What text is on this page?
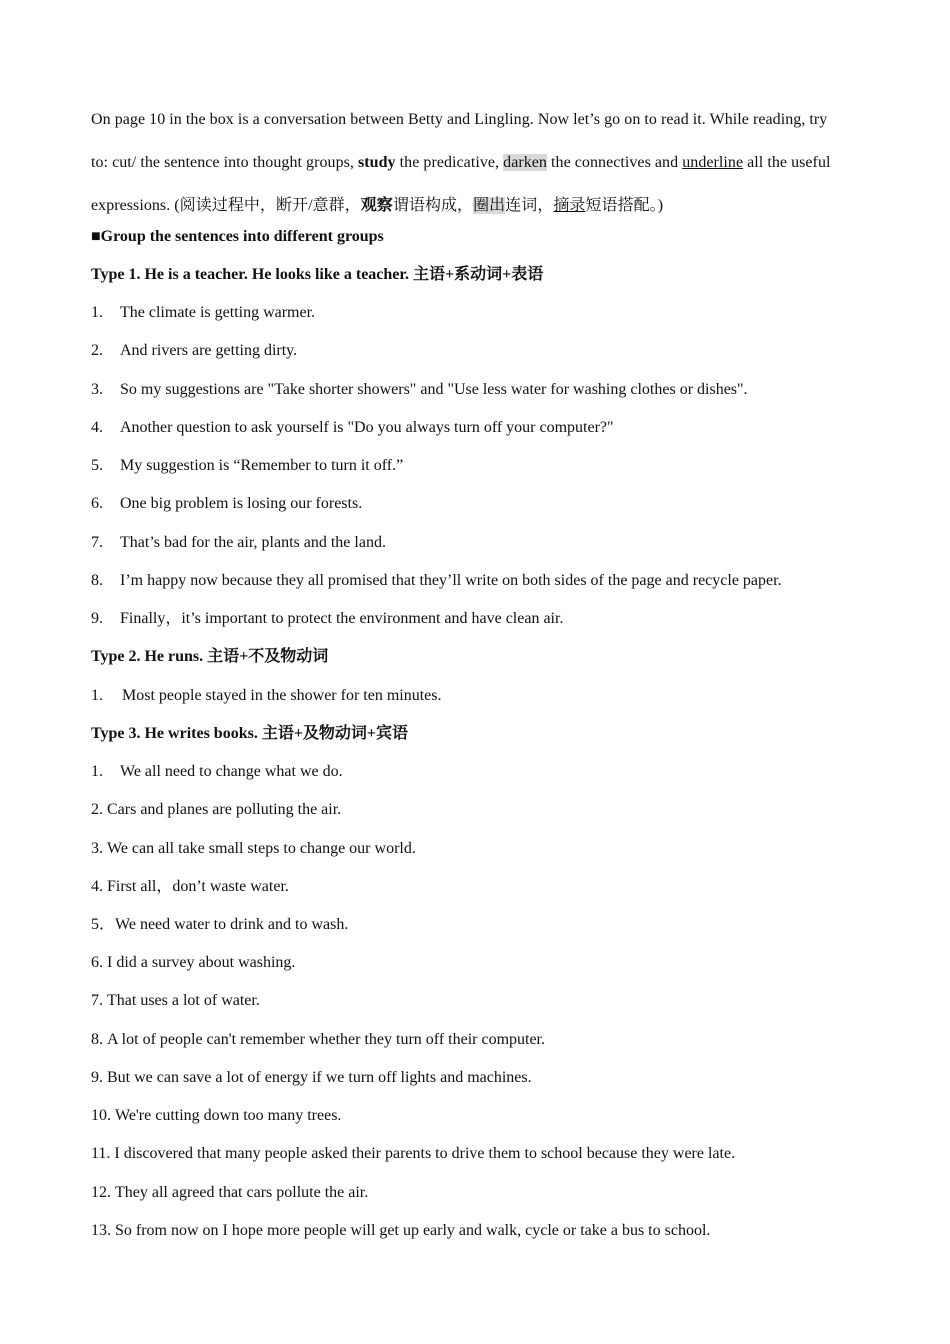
On page 10 in the box is a conversation between Betty and Lingling. Now let’s go on to read it. While reading, try
to: cut/ the sentence into thought groups, study the predicative, darken the connectives and underline all the useful
expressions. (阅读过程中，断开/意群，观察谓语构成，圈出连词，摘录短语搭配。)
■Group the sentences into different groups
Type 1. He is a teacher. He looks like a teacher. 主语+系动词+表语
1. The climate is getting warmer.
2. And rivers are getting dirty.
3. So my suggestions are "Take shorter showers" and "Use less water for washing clothes or dishes".
4. Another question to ask yourself is "Do you always turn off your computer?"
5. My suggestion is “Remember to turn it off.”
6. One big problem is losing our forests.
7. That’s bad for the air, plants and the land.
8. I’m happy now because they all promised that they’ll write on both sides of the page and recycle paper.
9. Finally，it’s important to protect the environment and have clean air.
Type 2. He runs. 主语+不及物动词
1. Most people stayed in the shower for ten minutes.
Type 3. He writes books. 主语+及物动词+宾语
1. We all need to change what we do.
2. Cars and planes are polluting the air.
3. We can all take small steps to change our world.
4. First all，don’t waste water.
5．We need water to drink and to wash.
6. I did a survey about washing.
7. That uses a lot of water.
8. A lot of people can't remember whether they turn off their computer.
9. But we can save a lot of energy if we turn off lights and machines.
10. We're cutting down too many trees.
11. I discovered that many people asked their parents to drive them to school because they were late.
12. They all agreed that cars pollute the air.
13. So from now on I hope more people will get up early and walk, cycle or take a bus to school.
